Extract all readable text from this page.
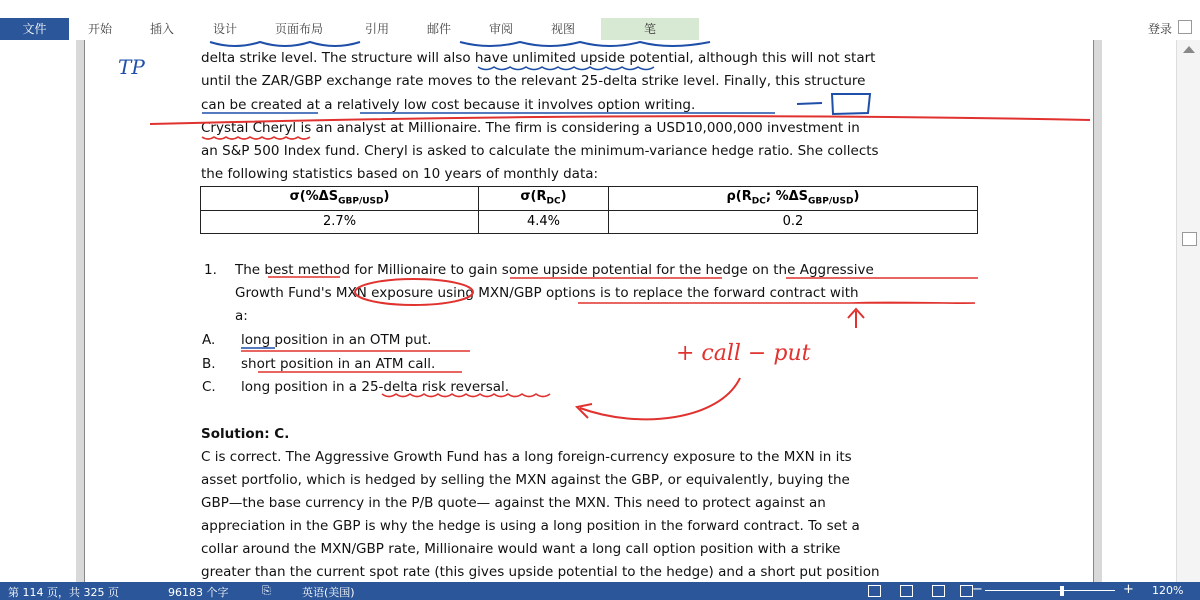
文件	开始	插入	设计	页面布局	引用	邮件	审阅	视图	笔	登录
delta strike level. The structure will also have unlimited upside potential, although this will not start
until the ZAR/GBP exchange rate moves to the relevant 25-delta strike level. Finally, this structure
can be created at a relatively low cost because it involves option writing.
Crystal Cheryl is an analyst at Millionaire. The firm is considering a USD10,000,000 investment in
an S&P 500 Index fund. Cheryl is asked to calculate the minimum-variance hedge ratio. She collects
the following statistics based on 10 years of monthly data:
$\sigma(\%\Delta S_{GBP/USD})$	$\sigma(R_{DC})$	$\rho(R_{DC}$; $\%\Delta S_{GBP/USD}$)
2.7%	4.4%	0.2
1. The best method for Millionaire to gain some upside potential for the hedge on the Aggressive
Growth Fund's MXN exposure using MXN/GBP options is to replace the forward contract with
a:
A. long position in an OTM put.
B. short position in an ATM call.
C. long position in a 25-delta risk reversal.
Solution: C.
C is correct. The Aggressive Growth Fund has a long foreign-currency exposure to the MXN in its
asset portfolio, which is hedged by selling the MXN against the GBP, or equivalently, buying the
GBP—the base currency in the P/B quote— against the MXN. This need to protect against an
appreciation in the GBP is why the hedge is using a long position in the forward contract. To set a
collar around the MXN/GBP rate, Millionaire would want a long call option position with a strike
greater than the current spot rate (this gives upside potential to the hedge) and a short put position
TP
+ call − put
第 114 页，共 325 页	96183 个字	⎘	英语(美国)	−	+ 120%
